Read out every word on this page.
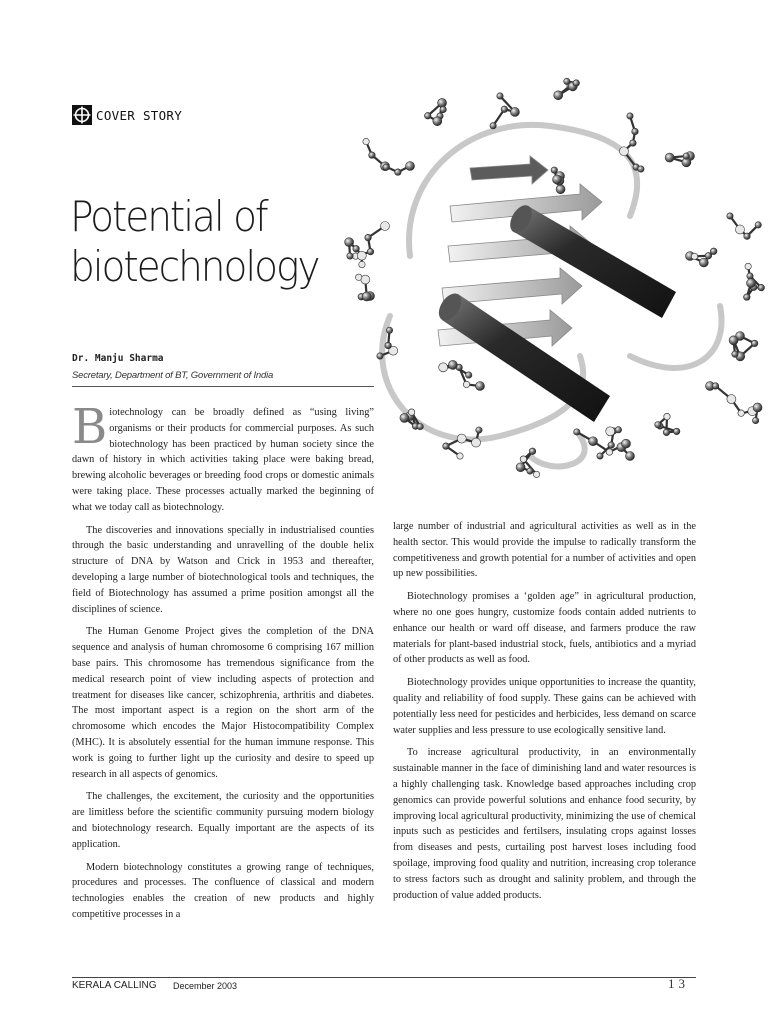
COVER STORY
Potential of
biotechnology
Dr. Manju Sharma
Secretary, Department of BT, Government of India

Biotechnology can be broadly defined as “using living” organisms or their products for commercial purposes. As such biotechnology has been practiced by human society since the dawn of history in which activities taking place were baking bread, brewing alcoholic beverages or breeding food crops or domestic animals were taking place. These processes actually marked the beginning of what we today call as biotechnology.

The discoveries and innovations specially in industrialised counties through the basic understanding and unravelling of the double helix structure of DNA by Watson and Crick in 1953 and thereafter, developing a large number of biotechnological tools and techniques, the field of Biotechnology has assumed a prime position amongst all the disciplines of science.

The Human Genome Project gives the completion of the DNA sequence and analysis of human chromosome 6 comprising 167 million base pairs. This chromosome has tremendous significance from the medical research point of view including aspects of protection and treatment for diseases like cancer, schizophrenia, arthritis and diabetes. The most important aspect is a region on the short arm of the chromosome which encodes the Major Histocompatibility Complex (MHC). It is absolutely essential for the human immune response. This work is going to further light up the curiosity and desire to speed up research in all aspects of genomics.

The challenges, the excitement, the curiosity and the opportunities are limitless before the scientific community pursuing modern biology and biotechnology research. Equally important are the aspects of its application.

Modern biotechnology constitutes a growing range of techniques, procedures and processes. The confluence of classical and modern technologies enables the creation of new products and highly competitive processes in a

large number of industrial and agricultural activities as well as in the health sector. This would provide the impulse to radically transform the competitiveness and growth potential for a number of activities and open up new possibilities.

Biotechnology promises a ‘golden age” in agricultural production, where no one goes hungry, customize foods contain added nutrients to enhance our health or ward off disease, and farmers produce the raw materials for plant-based industrial stock, fuels, antibiotics and a myriad of other products as well as food.

Biotechnology provides unique opportunities to increase the quantity, quality and reliability of food supply. These gains can be achieved with potentially less need for pesticides and herbicides, less demand on scarce water supplies and less pressure to use ecologically sensitive land.

To increase agricultural productivity, in an environmentally sustainable manner in the face of diminishing land and water resources is a highly challenging task. Knowledge based approaches including crop genomics can provide powerful solutions and enhance food security, by improving local agricultural productivity, minimizing the use of chemical inputs such as pesticides and fertilsers, insulating crops against losses from diseases and pests, curtailing post harvest loses including food spoilage, improving food quality and nutrition, increasing crop tolerance to stress factors such as drought and salinity problem, and through the production of value added products.

KERALA CALLING December 2003	13
